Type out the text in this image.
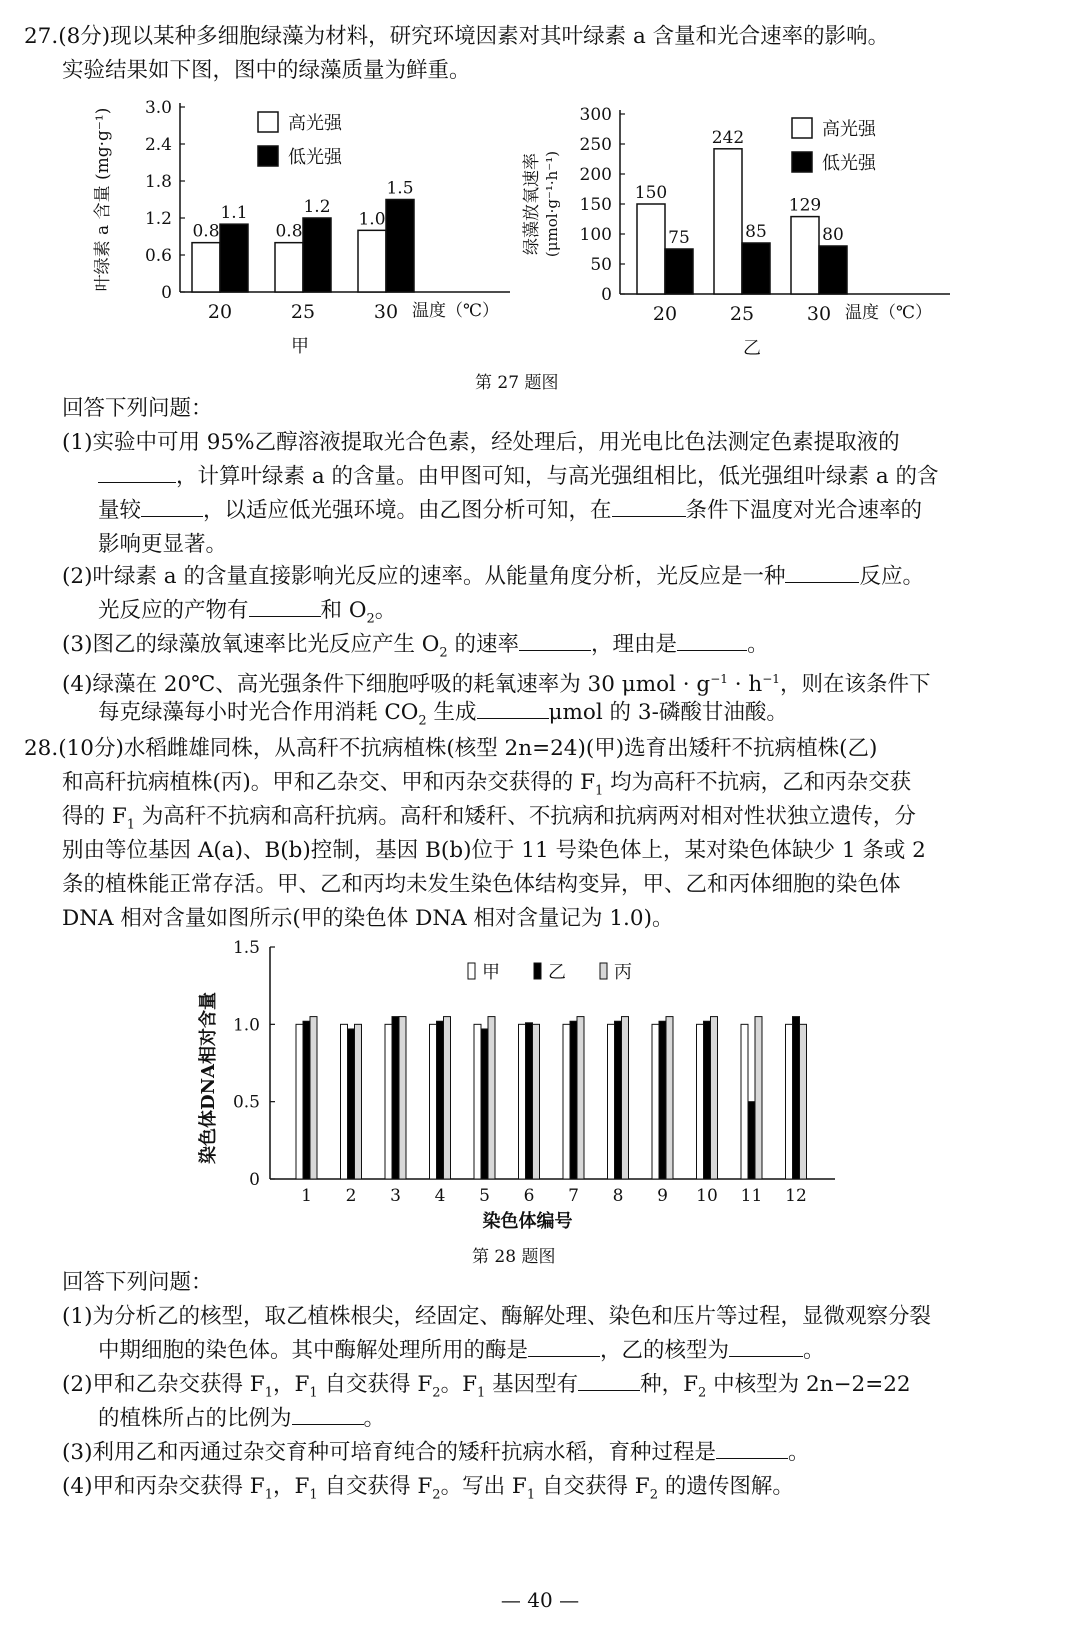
27.(8分)现以某种多细胞绿藻为材料，研究环境因素对其叶绿素 a 含量和光合速率的影响。
实验结果如下图，图中的绿藻质量为鲜重。
0
0.6
1.2
1.8
2.4
3.0
叶绿素 a 含量 (mg·g⁻¹)	0.8
1.1
20
0.8
1.2
25
1.0
1.5
30 温度（℃）
高光强
低光强
甲
0
50
100
150
200
250
300
绿藻放氧速率 (μmol·g⁻¹·h⁻¹)	150
75
20
242
85
25
129
80
30 温度（℃）
高光强
低光强
乙
第 27 题图
回答下列问题：
(1)实验中可用 95%乙醇溶液提取光合色素，经处理后，用光电比色法测定色素提取液的
，计算叶绿素 a 的含量。由甲图可知，与高光强组相比，低光强组叶绿素 a 的含
量较	，以适应低光强环境。由乙图分析可知，在	条件下温度对光合速率的
影响更显著。
(2)叶绿素 a 的含量直接影响光反应的速率。从能量角度分析，光反应是一种	反应。
光反应的产物有	和 $O_2$。
(3)图乙的绿藻放氧速率比光反应产生 $O_2$ 的速率	，理由是	。
(4)绿藻在 20℃、高光强条件下细胞呼吸的耗氧速率为 30 $\mu mol \cdot g^{-1} \cdot h^{-1}$，则在该条件下
每克绿藻每小时光合作用消耗 $CO_2$ 生成	μmol 的 3-磷酸甘油酸。
28.(10分)水稻雌雄同株，从高秆不抗病植株(核型 2n=24)(甲)选育出矮秆不抗病植株(乙)
和高秆抗病植株(丙)。甲和乙杂交、甲和丙杂交获得的 $F_1$ 均为高秆不抗病，乙和丙杂交获
得的 $F_1$ 为高秆不抗病和高秆抗病。高秆和矮秆、不抗病和抗病两对相对性状独立遗传，分
别由等位基因 A(a)、B(b)控制，基因 B(b)位于 11 号染色体上，某对染色体缺少 1 条或 2
条的植株能正常存活。甲、乙和丙均未发生染色体结构变异，甲、乙和丙体细胞的染色体
DNA 相对含量如图所示(甲的染色体 DNA 相对含量记为 1.0)。
0
0.5
1.0
1.5
染色体DNA相对含量
1 2 3 4 5 6 7 8 9 10 11 12
染色体编号
甲	乙	丙
第 28 题图
回答下列问题：
(1)为分析乙的核型，取乙植株根尖，经固定、酶解处理、染色和压片等过程，显微观察分裂
中期细胞的染色体。其中酶解处理所用的酶是	，乙的核型为	。
(2)甲和乙杂交获得 $F_1$，$F_1$ 自交获得 $F_2$。$F_1$ 基因型有	种，$F_2$ 中核型为 2n−2=22
的植株所占的比例为	。
(3)利用乙和丙通过杂交育种可培育纯合的矮秆抗病水稻，育种过程是	。
(4)甲和丙杂交获得 $F_1$，$F_1$ 自交获得 $F_2$。写出 $F_1$ 自交获得 $F_2$ 的遗传图解。
— 40 —
